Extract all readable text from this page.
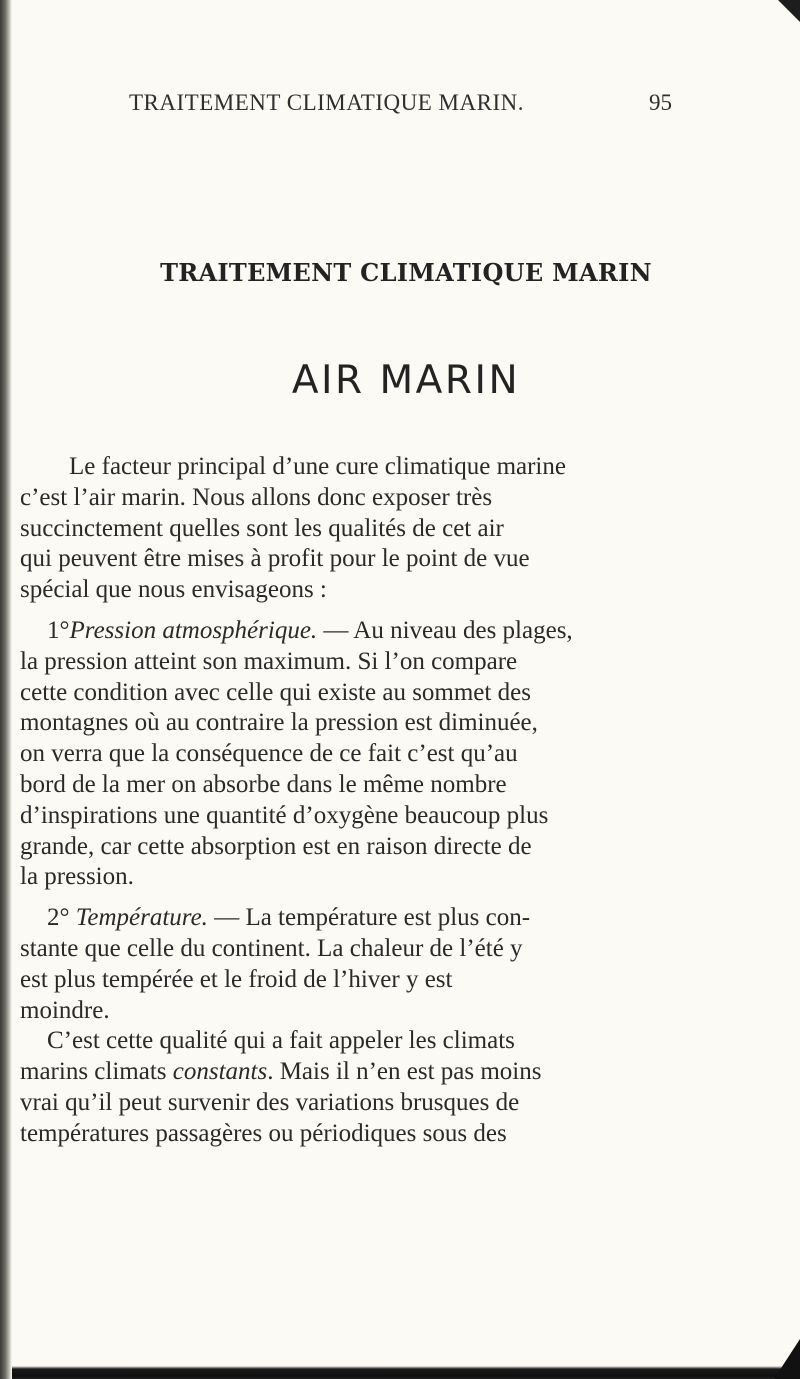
TRAITEMENT CLIMATIQUE MARIN.	95
TRAITEMENT CLIMATIQUE MARIN
AIR MARIN
Le facteur principal d’une cure climatique marine
c’est l’air marin. Nous allons donc exposer très
succinctement quelles sont les qualités de cet air
qui peuvent être mises à profit pour le point de vue
spécial que nous envisageons :
1°Pression atmosphérique. — Au niveau des plages,
la pression atteint son maximum. Si l’on compare
cette condition avec celle qui existe au sommet des
montagnes où au contraire la pression est diminuée,
on verra que la conséquence de ce fait c’est qu’au
bord de la mer on absorbe dans le même nombre
d’inspirations une quantité d’oxygène beaucoup plus
grande, car cette absorption est en raison directe de
la pression.
2° Température. — La température est plus con-
stante que celle du continent. La chaleur de l’été y
est plus tempérée et le froid de l’hiver y est
moindre.
C’est cette qualité qui a fait appeler les climats
marins climats constants. Mais il n’en est pas moins
vrai qu’il peut survenir des variations brusques de
températures passagères ou périodiques sous des
